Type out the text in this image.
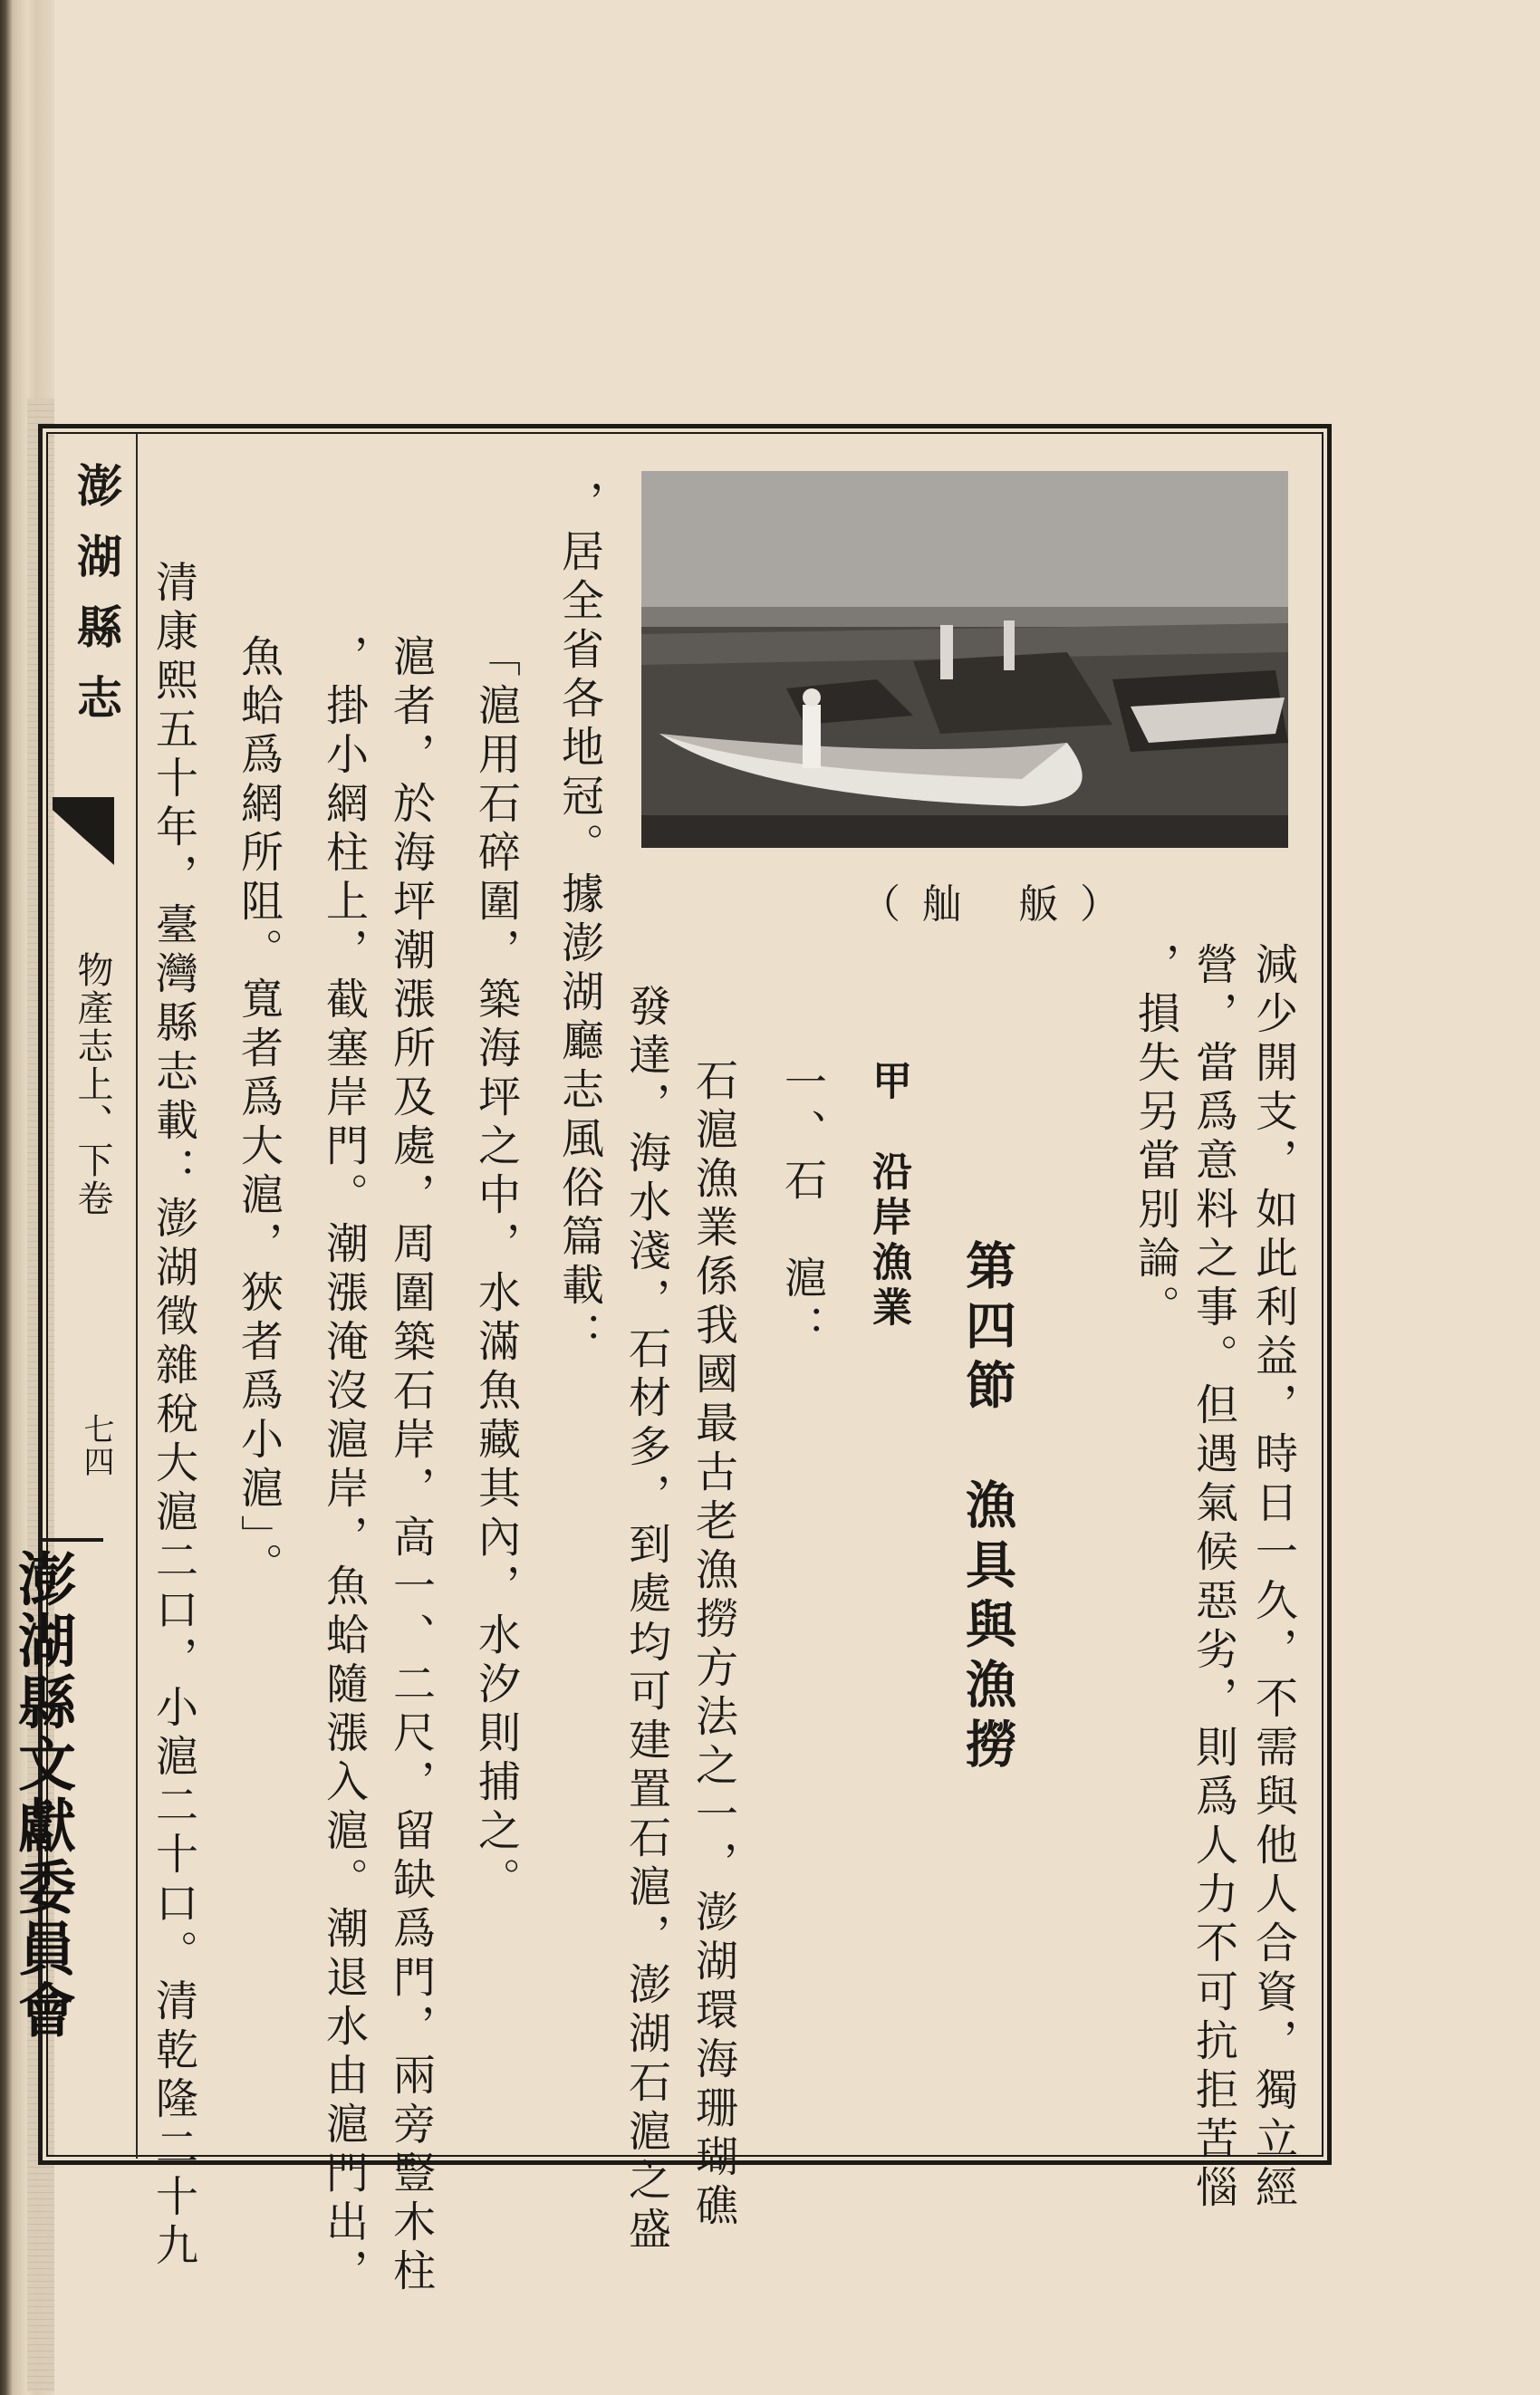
澎湖縣志
物產志上、下卷
七四
澎湖縣文獻委員會
（舢 舨）
減少開支，如此利益，時日一久，不需與他人合資，獨立經
營，當爲意料之事。但遇氣候惡劣，則爲人力不可抗拒苦惱
，損失另當別論。
第四節　漁具與漁撈
甲　沿岸漁業
一、石　滬：
石滬漁業係我國最古老漁撈方法之一，澎湖環海珊瑚礁
發達，海水淺，石材多，到處均可建置石滬，澎湖石滬之盛
，居全省各地冠。據澎湖廳志風俗篇載：
「滬用石碎圍，築海坪之中，水滿魚藏其內，水汐則捕之。
滬者，於海坪潮漲所及處，周圍築石岸，高一、二尺，留缺爲門，兩旁豎木柱
，掛小網柱上，截塞岸門。潮漲淹沒滬岸，魚蛤隨漲入滬。潮退水由滬門出，
魚蛤爲網所阻。寬者爲大滬，狹者爲小滬」。
清康熙五十年，臺灣縣志載：澎湖徵雜稅大滬二口，小滬二十口。清乾隆二十九
